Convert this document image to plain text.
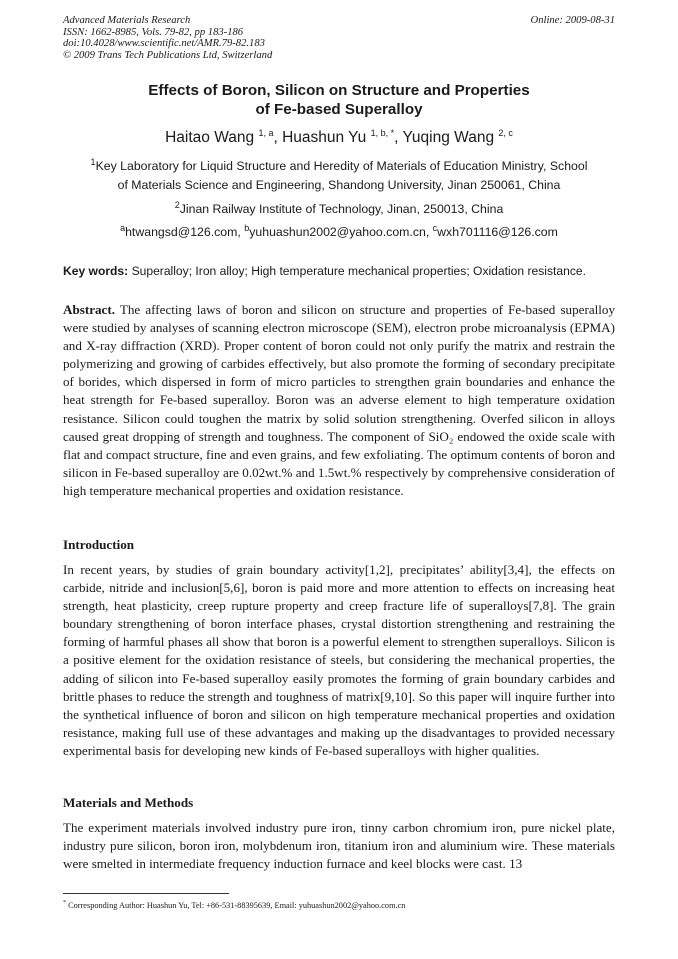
Advanced Materials Research
ISSN: 1662-8985, Vols. 79-82, pp 183-186
doi:10.4028/www.scientific.net/AMR.79-82.183
© 2009 Trans Tech Publications Ltd, Switzerland
Online: 2009-08-31
Effects of Boron, Silicon on Structure and Properties
of Fe-based Superalloy
Haitao Wang $^{1, a}$, Huashun Yu $^{1, b, *}$, Yuqing Wang $^{2, c}$
$^1$Key Laboratory for Liquid Structure and Heredity of Materials of Education Ministry, School
of Materials Science and Engineering, Shandong University, Jinan 250061, China
$^2$Jinan Railway Institute of Technology, Jinan, 250013, China
$^a$htwangsd@126.com, $^b$yuhuashun2002@yahoo.com.cn, $^c$wxh701116@126.com
Key words: Superalloy; Iron alloy; High temperature mechanical properties; Oxidation resistance.
Abstract. The affecting laws of boron and silicon on structure and properties of Fe-based superalloy were studied by analyses of scanning electron microscope (SEM), electron probe microanalysis (EPMA) and X-ray diffraction (XRD). Proper content of boron could not only purify the matrix and restrain the polymerizing and growing of carbides effectively, but also promote the forming of secondary precipitate of borides, which dispersed in form of micro particles to strengthen grain boundaries and enhance the heat strength for Fe-based superalloy. Boron was an adverse element to high temperature oxidation resistance. Silicon could toughen the matrix by solid solution strengthening. Overfed silicon in alloys caused great dropping of strength and toughness. The component of SiO₂ endowed the oxide scale with flat and compact structure, fine and even grains, and few exfoliating. The optimum contents of boron and silicon in Fe-based superalloy are 0.02wt.% and 1.5wt.% respectively by comprehensive consideration of high temperature mechanical properties and oxidation resistance.
Introduction
In recent years, by studies of grain boundary activity[1,2], precipitates’ ability[3,4], the effects on carbide, nitride and inclusion[5,6], boron is paid more and more attention to effects on increasing heat strength, heat plasticity, creep rupture property and creep fracture life of superalloys[7,8]. The grain boundary strengthening of boron interface phases, crystal distortion strengthening and restraining the forming of harmful phases all show that boron is a powerful element to strengthen superalloys. Silicon is a positive element for the oxidation resistance of steels, but considering the mechanical properties, the adding of silicon into Fe-based superalloy easily promotes the forming of grain boundary carbides and brittle phases to reduce the strength and toughness of matrix[9,10]. So this paper will inquire further into the synthetical influence of boron and silicon on high temperature mechanical properties and oxidation resistance, making full use of these advantages and making up the disadvantages to provided necessary experimental basis for developing new kinds of Fe-based superalloys with higher qualities.
Materials and Methods
The experiment materials involved industry pure iron, tinny carbon chromium iron, pure nickel plate, industry pure silicon, boron iron, molybdenum iron, titanium iron and aluminium wire. These materials were smelted in intermediate frequency induction furnace and keel blocks were cast. 13
* Corresponding Author: Huashun Yu, Tel: +86-531-88395639, Email: yuhuashun2002@yahoo.com.cn
